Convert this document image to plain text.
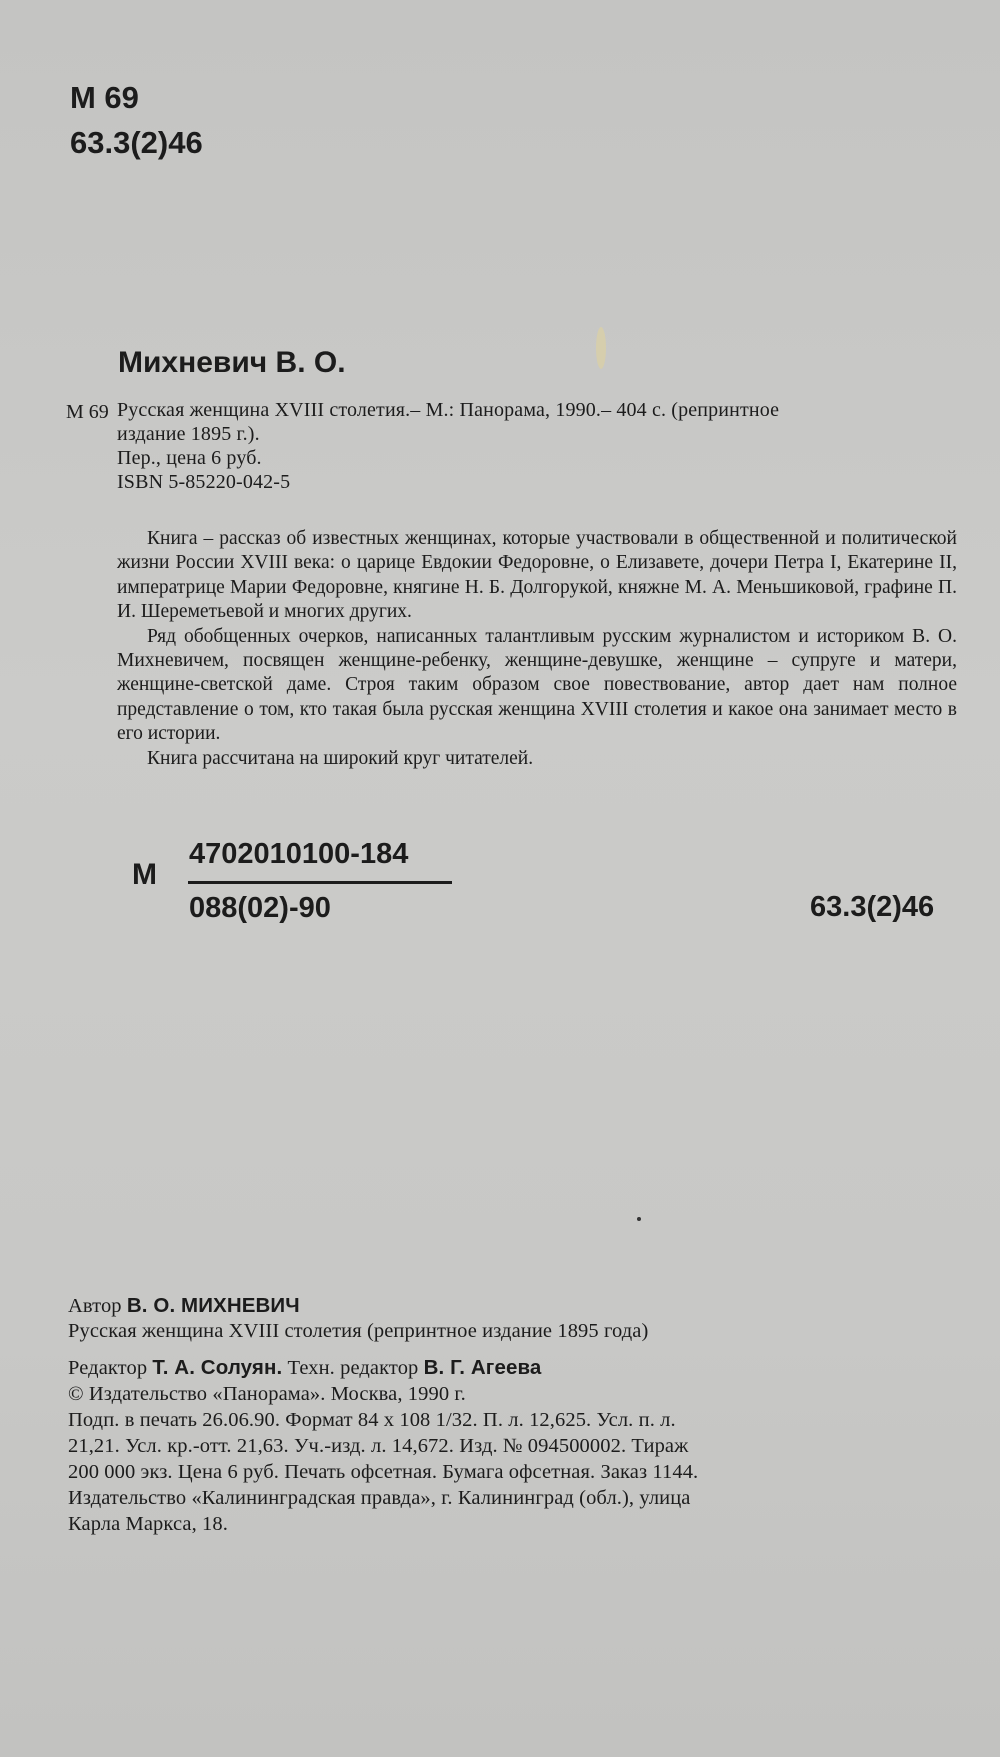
М 69
63.3(2)46
Михневич В. О.
М 69 Русская женщина XVIII столетия.– М.: Панорама, 1990.– 404 с. (репринтное
издание 1895 г.).
Пер., цена 6 руб.
ISBN 5-85220-042-5

Книга – рассказ об известных женщинах, которые участвовали в общественной и политической жизни России XVIII века: о царице Евдокии Федоровне, о Елизавете, дочери Петра I, Екатерине II, императрице Марии Федоровне, княгине Н. Б. Долгорукой, княжне М. А. Меньшиковой, графине П. И. Шереметьевой и многих других.

Ряд обобщенных очерков, написанных талантливым русским журналистом и историком В. О. Михневичем, посвящен женщине-ребенку, женщине-девушке, женщине – супруге и матери, женщине-светской даме. Строя таким образом свое повествование, автор дает нам полное представление о том, кто такая была русская женщина XVIII столетия и какое она занимает место в его истории.

Книга рассчитана на широкий круг читателей.

М
4702010100-184
088(02)-90	63.3(2)46
Автор В. О. МИХНЕВИЧ
Русская женщина XVIII столетия (репринтное издание 1895 года)
Редактор Т. А. Солуян. Техн. редактор В. Г. Агеева
© Издательство «Панорама». Москва, 1990 г.
Подп. в печать 26.06.90. Формат 84 х 108 1/32. П. л. 12,625. Усл. п. л.
21,21. Усл. кр.-отт. 21,63. Уч.-изд. л. 14,672. Изд. № 094500002. Тираж
200 000 экз. Цена 6 руб. Печать офсетная. Бумага офсетная. Заказ 1144.
Издательство «Калининградская правда», г. Калининград (обл.), улица
Карла Маркса, 18.
